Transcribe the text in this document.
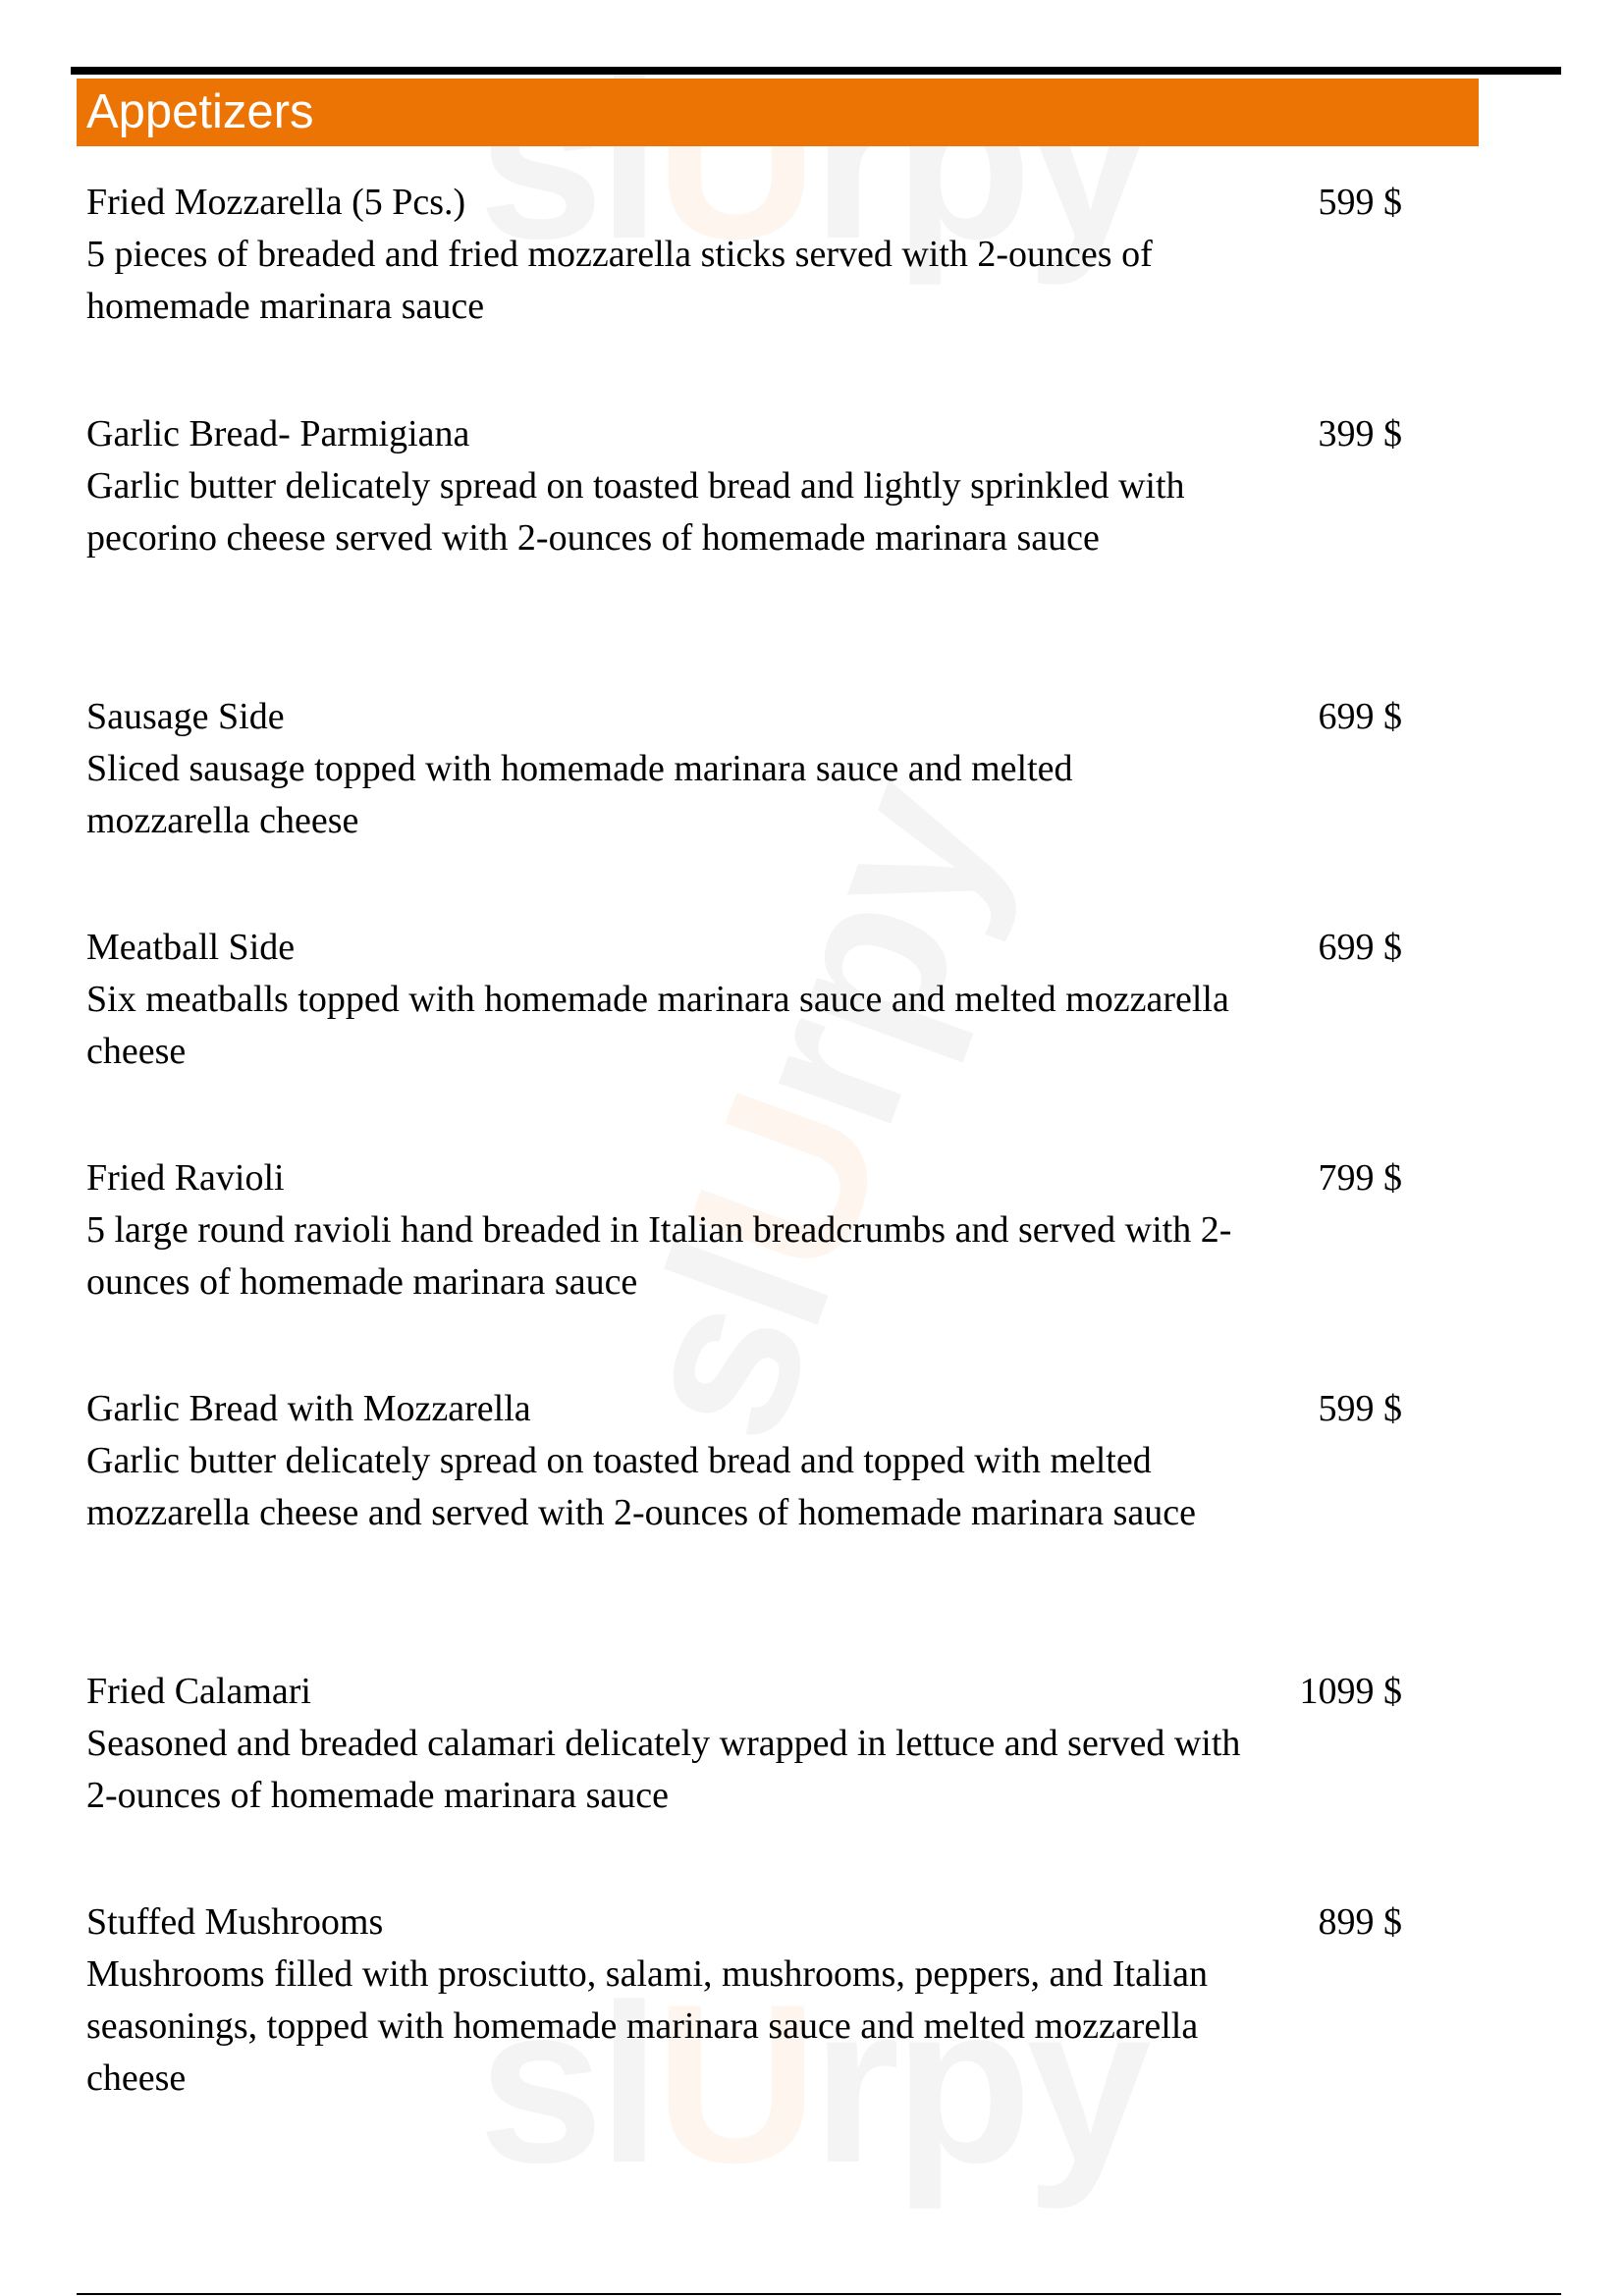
U
U
U
Appetizers
Fried Mozzarella (5 Pcs.)
5 pieces of breaded and fried mozzarella sticks served with 2-ounces of homemade marinara sauce
599 $
Garlic Bread- Parmigiana
Garlic butter delicately spread on toasted bread and lightly sprinkled with pecorino cheese served with 2-ounces of homemade marinara sauce
399 $
Sausage Side
Sliced sausage topped with homemade marinara sauce and melted mozzarella cheese
699 $
Meatball Side
Six meatballs topped with homemade marinara sauce and melted mozzarella cheese
699 $
Fried Ravioli
5 large round ravioli hand breaded in Italian breadcrumbs and served with 2-ounces of homemade marinara sauce
799 $
Garlic Bread with Mozzarella
Garlic butter delicately spread on toasted bread and topped with melted mozzarella cheese and served with 2-ounces of homemade marinara sauce
599 $
Fried Calamari
Seasoned and breaded calamari delicately wrapped in lettuce and served with 2-ounces of homemade marinara sauce
1099 $
Stuffed Mushrooms
Mushrooms filled with prosciutto, salami, mushrooms, peppers, and Italian seasonings, topped with homemade marinara sauce and melted mozzarella cheese
899 $
